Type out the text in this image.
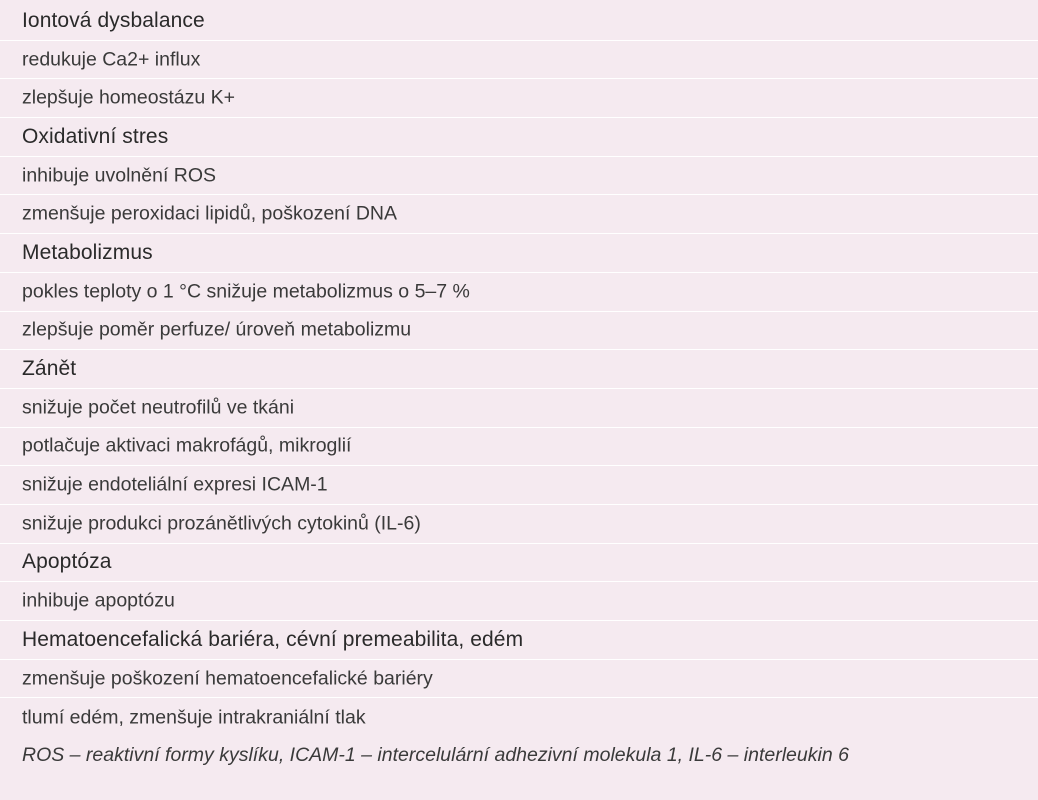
Iontová dysbalance
redukuje Ca2+ influx
zlepšuje homeostázu K+
Oxidativní stres
inhibuje uvolnění ROS
zmenšuje peroxidaci lipidů, poškození DNA
Metabolizmus
pokles teploty o 1 °C snižuje metabolizmus o 5–7 %
zlepšuje poměr perfuze/ úroveň metabolizmu
Zánět
snižuje počet neutrofilů ve tkáni
potlačuje aktivaci makrofágů, mikroglií
snižuje endoteliální expresi ICAM-1
snižuje produkci prozánětlivých cytokinů (IL-6)
Apoptóza
inhibuje apoptózu
Hematoencefalická bariéra, cévní premeabilita, edém
zmenšuje poškození hematoencefalické bariéry
tlumí edém, zmenšuje intrakraniální tlak
ROS – reaktivní formy kyslíku, ICAM-1 – intercelulární adhezivní molekula 1, IL-6 – interleukin 6
